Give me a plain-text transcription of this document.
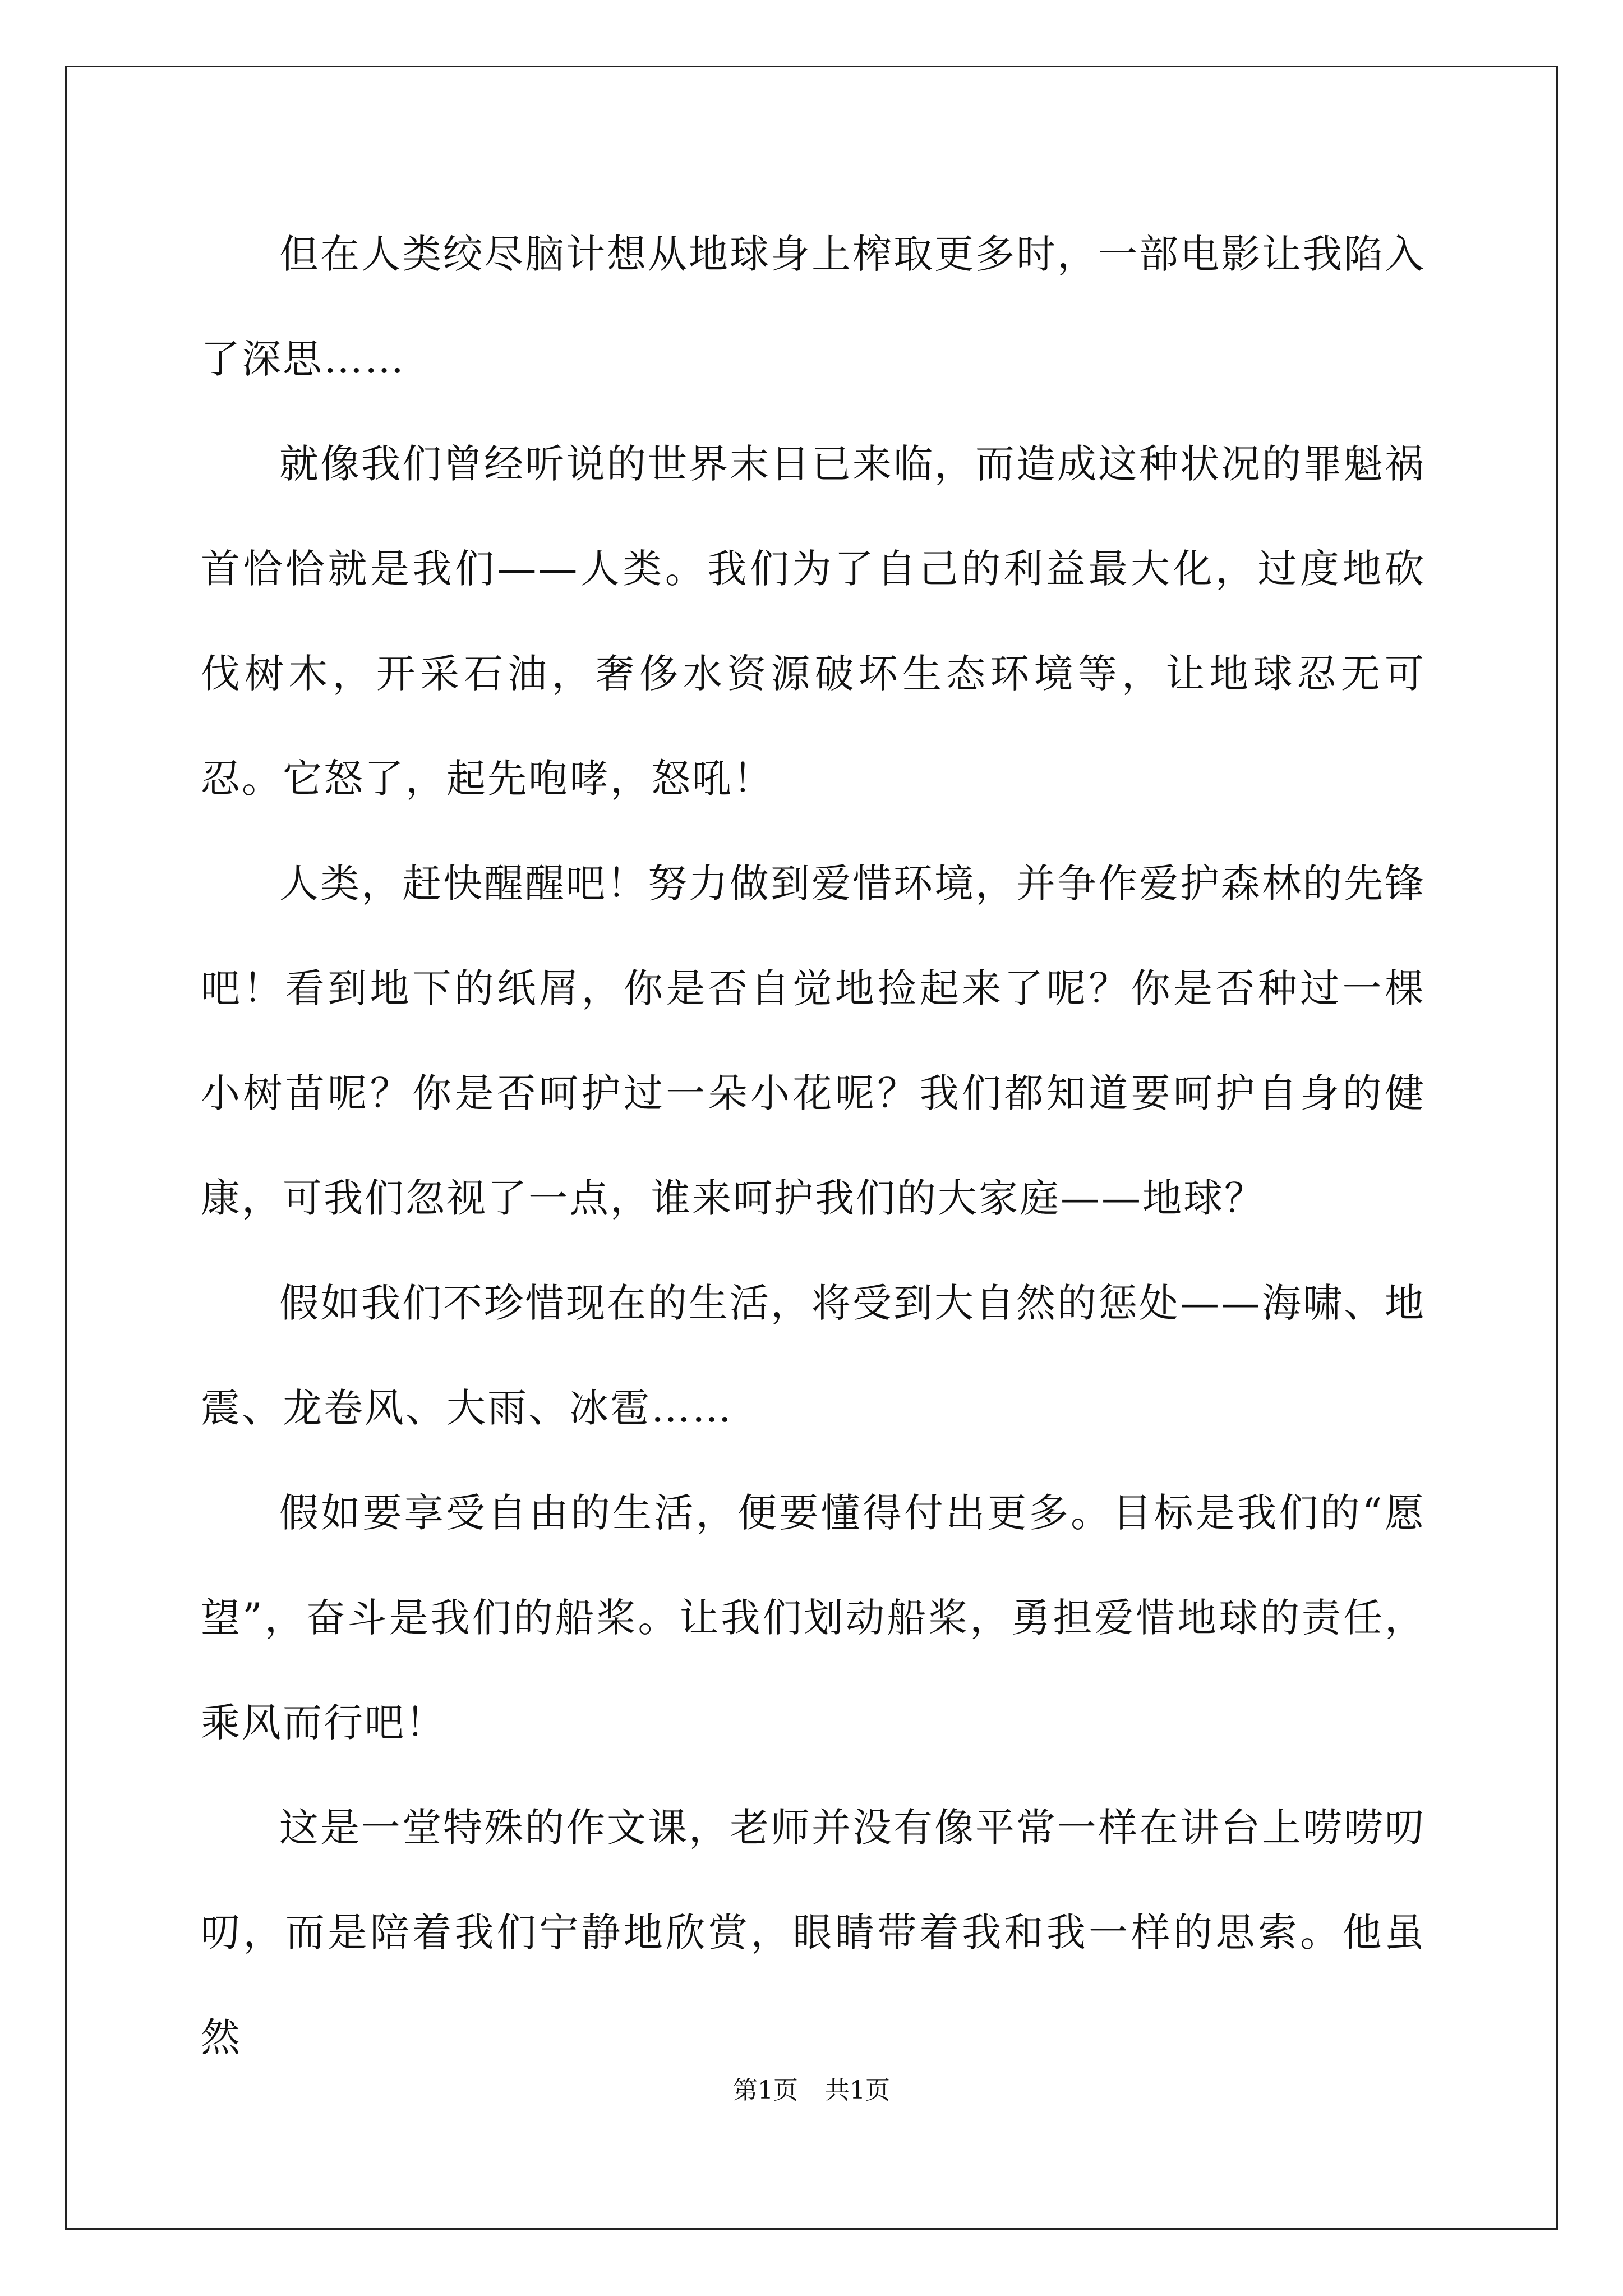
但在人类绞尽脑计想从地球身上榨取更多时，一部电影让我陷入了深思……

就像我们曾经听说的世界末日已来临，而造成这种状况的罪魁祸首恰恰就是我们——人类。我们为了自己的利益最大化，过度地砍伐树木，开采石油，奢侈水资源破坏生态环境等，让地球忍无可忍。它怒了，起先咆哮，怒吼！

人类，赶快醒醒吧！努力做到爱惜环境，并争作爱护森林的先锋吧！看到地下的纸屑，你是否自觉地捡起来了呢？你是否种过一棵小树苗呢？你是否呵护过一朵小花呢？我们都知道要呵护自身的健康，可我们忽视了一点，谁来呵护我们的大家庭——地球？

假如我们不珍惜现在的生活，将受到大自然的惩处——海啸、地震、龙卷风、大雨、冰雹……

假如要享受自由的生活，便要懂得付出更多。目标是我们的“愿望”，奋斗是我们的船桨。让我们划动船桨，勇担爱惜地球的责任，乘风而行吧！

这是一堂特殊的作文课，老师并没有像平常一样在讲台上唠唠叨叨，而是陪着我们宁静地欣赏，眼睛带着我和我一样的思索。他虽然

第1页 共1页
